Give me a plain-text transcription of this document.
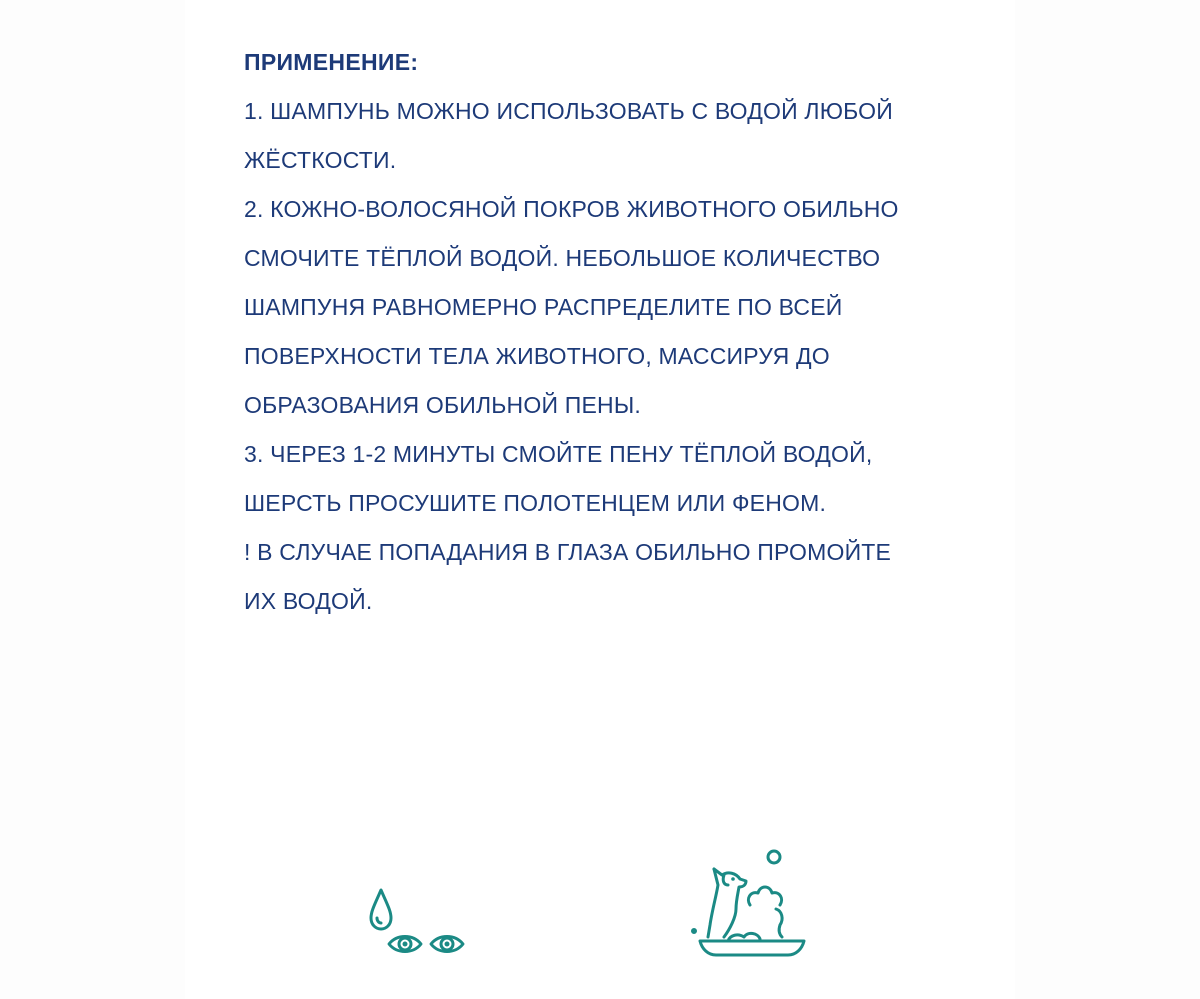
ПРИМЕНЕНИЕ:

1. ШАМПУНЬ МОЖНО ИСПОЛЬЗОВАТЬ С ВОДОЙ ЛЮБОЙ

ЖЁСТКОСТИ.

2. КОЖНО-ВОЛОСЯНОЙ ПОКРОВ ЖИВОТНОГО ОБИЛЬНО

СМОЧИТЕ ТЁПЛОЙ ВОДОЙ. НЕБОЛЬШОЕ КОЛИЧЕСТВО

ШАМПУНЯ РАВНОМЕРНО РАСПРЕДЕЛИТЕ ПО ВСЕЙ

ПОВЕРХНОСТИ ТЕЛА ЖИВОТНОГО, МАССИРУЯ ДО

ОБРАЗОВАНИЯ ОБИЛЬНОЙ ПЕНЫ.

3. ЧЕРЕЗ 1-2 МИНУТЫ СМОЙТЕ ПЕНУ ТЁПЛОЙ ВОДОЙ,

ШЕРСТЬ ПРОСУШИТЕ ПОЛОТЕНЦЕМ ИЛИ ФЕНОМ.

! В СЛУЧАЕ ПОПАДАНИЯ В ГЛАЗА ОБИЛЬНО ПРОМОЙТЕ

ИХ ВОДОЙ.
